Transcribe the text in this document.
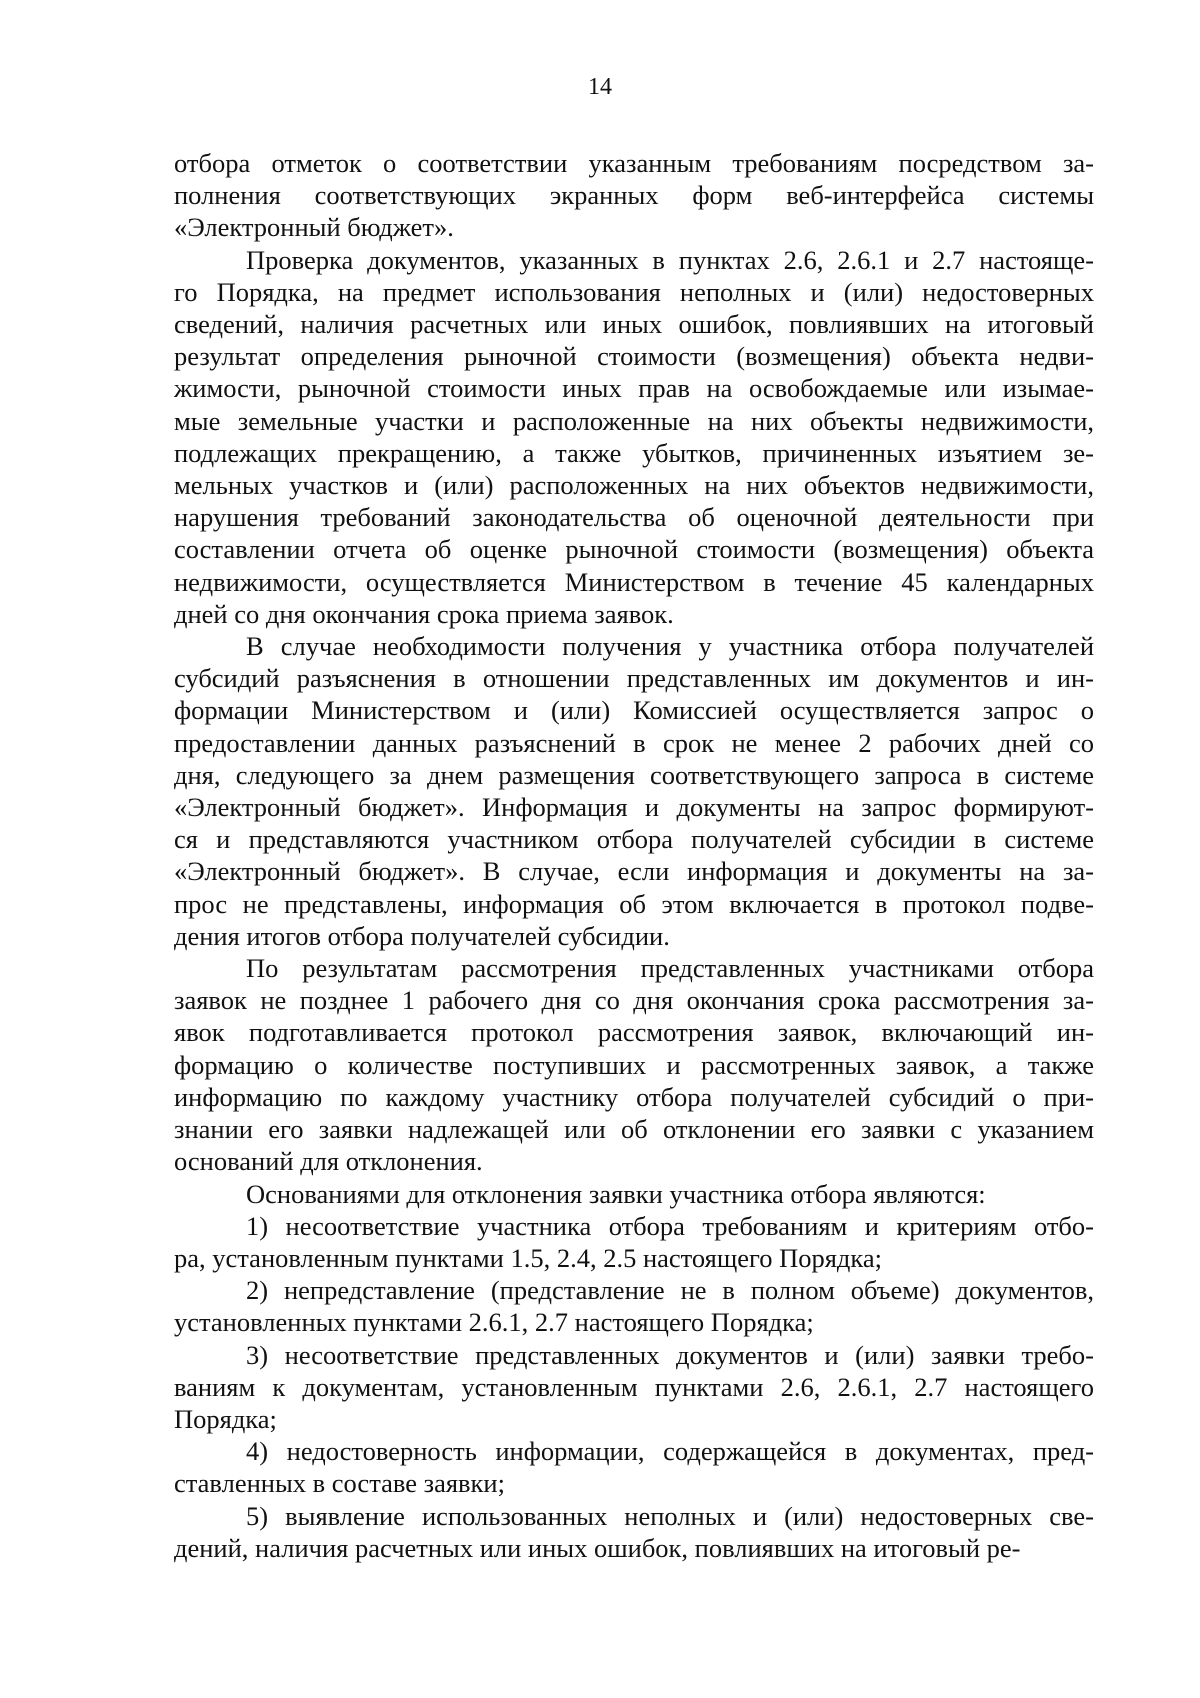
14
отбора отметок о соответствии указанным требованиям посредством за-
полнения соответствующих экранных форм веб-интерфейса системы
«Электронный бюджет».
Проверка документов, указанных в пунктах 2.6, 2.6.1 и 2.7 настояще-
го Порядка, на предмет использования неполных и (или) недостоверных
сведений, наличия расчетных или иных ошибок, повлиявших на итоговый
результат определения рыночной стоимости (возмещения) объекта недви-
жимости, рыночной стоимости иных прав на освобождаемые или изымае-
мые земельные участки и расположенные на них объекты недвижимости,
подлежащих прекращению, а также убытков, причиненных изъятием зе-
мельных участков и (или) расположенных на них объектов недвижимости,
нарушения требований законодательства об оценочной деятельности при
составлении отчета об оценке рыночной стоимости (возмещения) объекта
недвижимости, осуществляется Министерством в течение 45 календарных
дней со дня окончания срока приема заявок.
В случае необходимости получения у участника отбора получателей
субсидий разъяснения в отношении представленных им документов и ин-
формации Министерством и (или) Комиссией осуществляется запрос о
предоставлении данных разъяснений в срок не менее 2 рабочих дней со
дня, следующего за днем размещения соответствующего запроса в системе
«Электронный бюджет». Информация и документы на запрос формируют-
ся и представляются участником отбора получателей субсидии в системе
«Электронный бюджет». В случае, если информация и документы на за-
прос не представлены, информация об этом включается в протокол подве-
дения итогов отбора получателей субсидии.
По результатам рассмотрения представленных участниками отбора
заявок не позднее 1 рабочего дня со дня окончания срока рассмотрения за-
явок подготавливается протокол рассмотрения заявок, включающий ин-
формацию о количестве поступивших и рассмотренных заявок, а также
информацию по каждому участнику отбора получателей субсидий о при-
знании его заявки надлежащей или об отклонении его заявки с указанием
оснований для отклонения.
Основаниями для отклонения заявки участника отбора являются:
1) несоответствие участника отбора требованиям и критериям отбо-
ра, установленным пунктами 1.5, 2.4, 2.5 настоящего Порядка;
2) непредставление (представление не в полном объеме) документов,
установленных пунктами 2.6.1, 2.7 настоящего Порядка;
3) несоответствие представленных документов и (или) заявки требо-
ваниям к документам, установленным пунктами 2.6, 2.6.1, 2.7 настоящего
Порядка;
4) недостоверность информации, содержащейся в документах, пред-
ставленных в составе заявки;
5) выявление использованных неполных и (или) недостоверных све-
дений, наличия расчетных или иных ошибок, повлиявших на итоговый ре-
